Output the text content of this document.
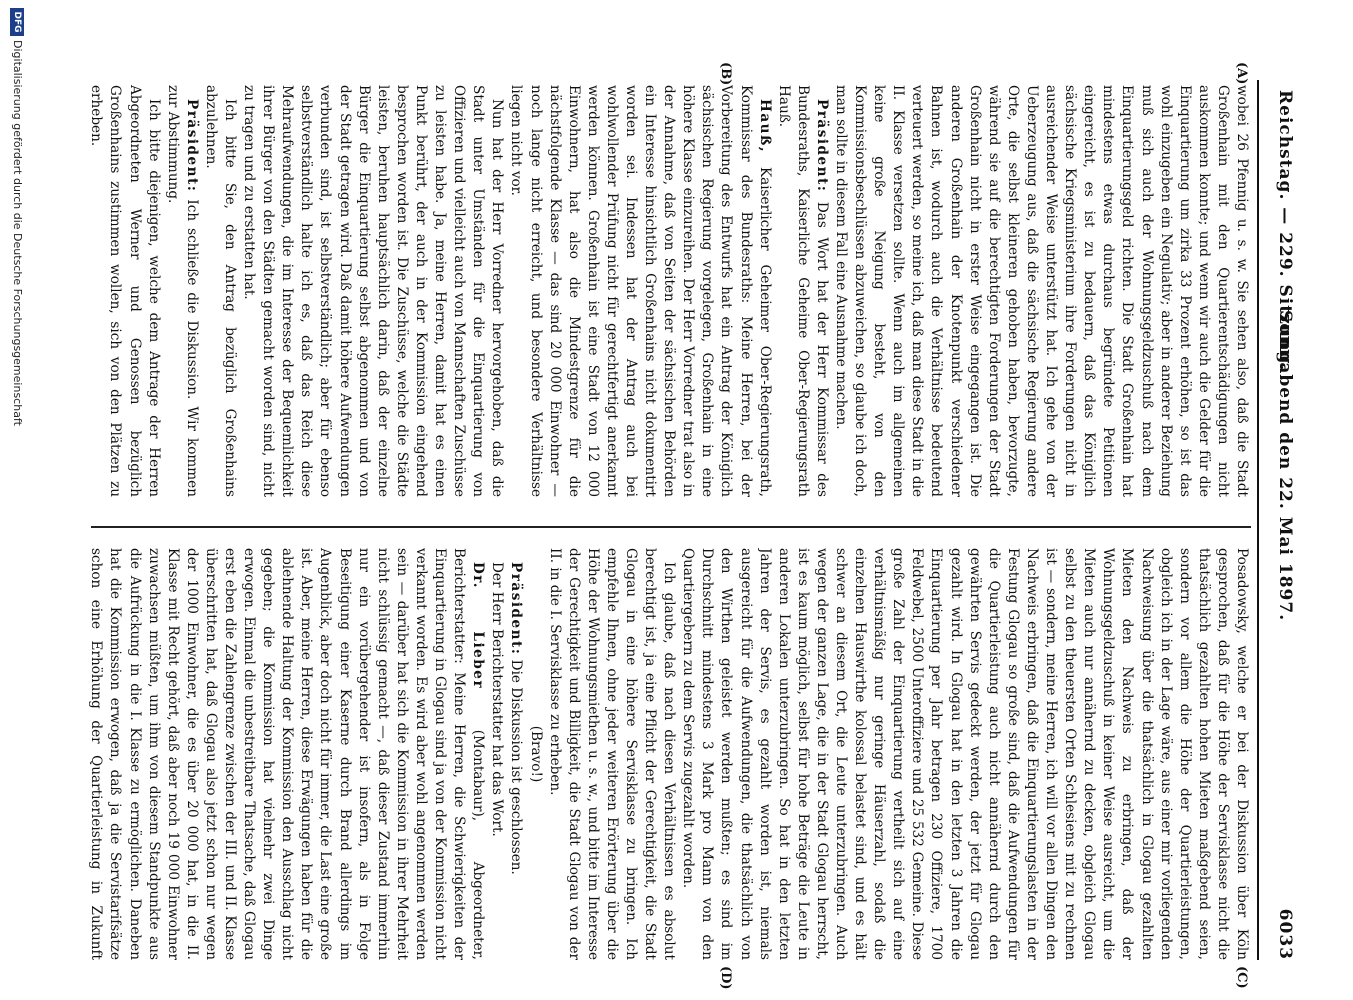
Reichstag. — 229. Sitzung.
Sonnabend den 22. Mai 1897.
6033
(A)
(B)
(C)
(D)

wobei 26 Pfennig u. s. w. Sie sehen also, daß die Stadt Großenhain mit den Quartierentschädigungen nicht auskommen konnte; und wenn wir auch die Gelder für die Einquartierung um zirka 33 Prozent erhöhen, so ist das wohl einzugeben ein Negulativ; aber in anderer Beziehung muß sich auch der Wohnungsgeldzuschuß nach dem Einquartierungsgeld richten. Die Stadt Großenhain hat mindestens etwas durchaus begründete Petitionen eingereicht, es ist zu bedauern, daß das Königlich sächsische Kriegsministerium ihre Forderungen nicht in ausreichender Weise unterstützt hat. Ich gehe von der Ueberzeugung aus, daß die sächsische Regierung andere Orte, die selbst kleineren gehoben haben, bevorzugte, während sie auf die berechtigten Forderungen der Stadt Großenhain nicht in erster Weise eingegangen ist. Die anderen Großenhain der Knotenpunkt verschiedener Bahnen ist, wodurch auch die Verhältnisse bedeutend verteuert werden, so meine ich, daß man diese Stadt in die II. Klasse versetzen sollte. Wenn auch im allgemeinen keine große Neigung besteht, von den Kommissionsbeschlüssen abzuweichen, so glaube ich doch, man sollte in diesem Fall eine Ausnahme machen.

Präsident: Das Wort hat der Herr Kommissar des Bundesraths, Kaiserliche Geheime Ober-Regierungsrath Hauß.

Hauß, Kaiserlicher Geheimer Ober-Regierungsrath, Kommissar des Bundesraths: Meine Herren, bei der Vorbereitung des Entwurfs hat ein Antrag der Königlich sächsischen Regierung vorgelegen, Großenhain in eine höhere Klasse einzureihen. Der Herr Vorredner trat also in der Annahme, daß von Seiten der sächsischen Behörden ein Interesse hinsichtlich Großenhains nicht dokumentirt worden sei. Indessen hat der Antrag auch bei wohlwollender Prüfung nicht für gerechtfertigt anerkannt werden können. Großenhain ist eine Stadt von 12 000 Einwohnern, hat also die Mindestgrenze für die nächstfolgende Klasse — das sind 20 000 Einwohner — noch lange nicht erreicht, und besondere Verhältnisse liegen nicht vor.

Nun hat der Herr Vorredner hervorgehoben, daß die Stadt unter Umständen für die Einquartierung von Offizieren und vielleicht auch von Mannschaften Zuschüsse zu leisten habe. Ja, meine Herren, damit hat es einen Punkt berührt, der auch in der Kommission eingehend besprochen worden ist. Die Zuschüsse, welche die Städte leisten, beruhen hauptsächlich darin, daß der einzelne Bürger die Einquartierung selbst abgenommen und von der Stadt getragen wird. Daß damit höhere Aufwendungen verbunden sind, ist selbstverständlich; aber für ebenso selbstverständlich halte ich es, daß das Reich diese Mehraufwendungen, die im Interesse der Bequemlichkeit ihrer Bürger von den Städten gemacht worden sind, nicht zu tragen und zu erstatten hat.

Ich bitte Sie, den Antrag bezüglich Großenhains abzulehnen.

Präsident: Ich schließe die Diskussion. Wir kommen zur Abstimmung.

Ich bitte diejenigen, welche dem Antrage der Herren Abgeordneten Werner und Genossen bezüglich Großenhains zustimmen wollen, sich von den Plätzen zu erheben.

Posadowsky, welche er bei der Diskussion über Köln gesprochen, daß für die Höhe der Servisklasse nicht die thatsächlich gezahlten hohen Mieten maßgebend seien, sondern vor allem die Höhe der Quartierleistungen, obgleich ich in der Lage wäre, aus einer mir vorliegenden Nachweisung über die thatsächlich in Glogau gezahlten Mieten den Nachweis zu erbringen, daß der Wohnungsgeldzuschuß in keiner Weise ausreicht, um die Mieten auch nur annähernd zu decken, obgleich Glogau selbst zu den theuersten Orten Schlesiens mit zu rechnen ist — sondern, meine Herren, ich will vor allen Dingen den Nachweis erbringen, daß die Einquartierungslasten in der Festung Glogau so große sind, daß die Aufwendungen für die Quartierleistung auch nicht annähernd durch den gewährten Servis gedeckt werden, der jetzt für Glogau gezahlt wird. In Glogau hat in den letzten 3 Jahren die Einquartierung per Jahr betragen 230 Offiziere, 1700 Feldwebel, 2500 Unteroffiziere und 25 532 Gemeine. Diese große Zahl der Einquartierung vertheilt sich auf eine verhältnismäßig nur geringe Häuserzahl, sodaß die einzelnen Hauswirthe kolossal belastet sind, und es hält schwer an diesem Ort, die Leute unterzubringen. Auch wegen der ganzen Lage, die in der Stadt Glogau herrscht, ist es kaum möglich, selbst für hohe Beträge die Leute in anderen Lokalen unterzubringen. So hat in den letzten Jahren der Servis, es gezahlt worden ist, niemals ausgereicht für die Aufwendungen, die thatsächlich von den Wirthen geleistet werden mußten; es sind im Durchschnitt mindestens 3 Mark pro Mann von den Quartiergebern zu dem Servis zugezahlt worden.

Ich glaube, daß nach diesen Verhältnissen es absolut berechtigt ist, ja eine Pflicht der Gerechtigkeit, die Stadt Glogau in eine höhere Servisklasse zu bringen. Ich empfehle Ihnen, ohne jeder weiteren Erörterung über die Höhe der Wohnungsmiethen u. s. w., und bitte im Interesse der Gerechtigkeit und Billigkeit, die Stadt Glogau von der II. in die I. Servisklasse zu erheben.

(Bravo!)

Präsident: Die Diskussion ist geschlossen.

Der Herr Berichterstatter hat das Wort.

Dr. Lieber (Montabaur), Abgeordneter, Berichterstatter: Meine Herren, die Schwierigkeiten der Einquartierung in Glogau sind ja von der Kommission nicht verkannt worden. Es wird aber wohl angenommen werden sein — darüber hat sich die Kommission in ihrer Mehrheit nicht schlüssig gemacht —, daß dieser Zustand immerhin nur ein vorübergehender ist insofern, als in Folge Beseitigung einer Kaserne durch Brand allerdings im Augenblick, aber doch nicht für immer, die Last eine große ist. Aber, meine Herren, diese Erwägungen haben für die ablehnende Haltung der Kommission den Ausschlag nicht gegeben; die Kommission hat vielmehr zwei Dinge erwogen. Einmal die unbestreitbare Thatsache, daß Glogau erst eben die Zahlengrenze zwischen der III. und II. Klasse überschritten hat, daß Glogau also jetzt schon nur wegen der 1000 Einwohner, die es über 20 000 hat, in die II. Klasse mit Recht gehört, daß aber noch 19 000 Einwohner zuwachsen müßten, um ihm von diesem Standpunkte aus die Aufrückung in die I. Klasse zu ermöglichen. Daneben hat die Kommission erwogen, daß ja die Servistarifsätze schon eine Erhöhung der Quartierleistung in Zukunft

DFG
Digitalisierung gefördert durch die Deutsche Forschungsgemeinschaft
